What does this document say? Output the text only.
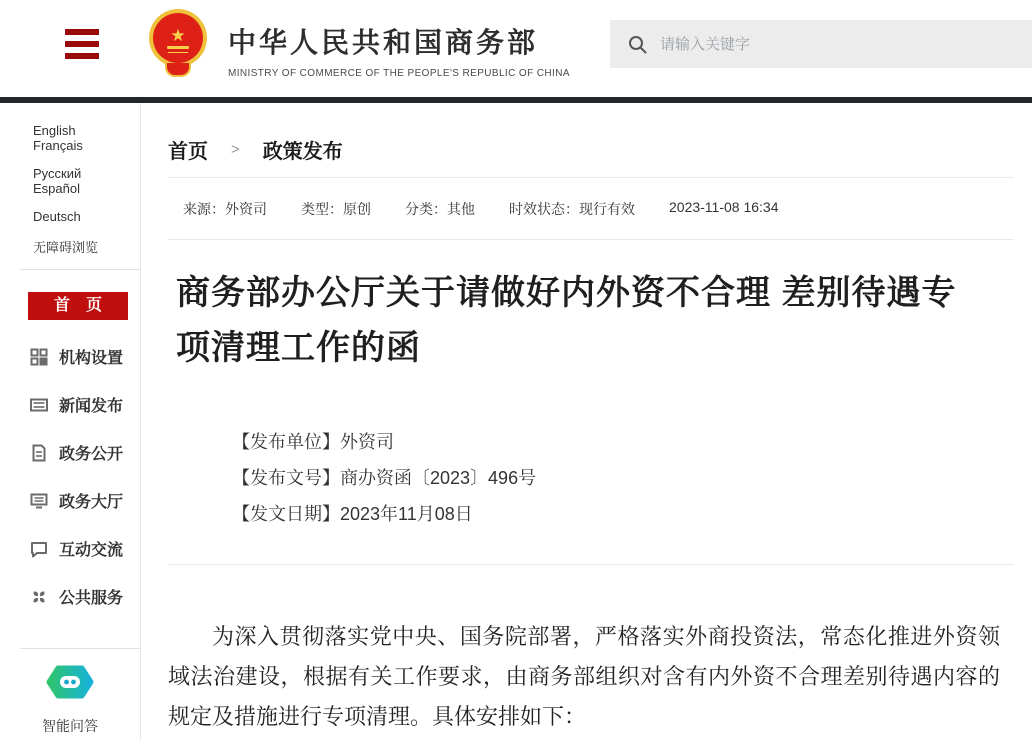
★ 中华人民共和国商务部
MINISTRY OF COMMERCE OF THE PEOPLE'S REPUBLIC OF CHINA
请输入关键字
English Français
Русский Español
Deutsch
无障碍浏览
首　页
机构设置
新闻发布
政务公开
政务大厅
互动交流
公共服务
智能问答
首页 > 政策发布
来源：外资司 类型：原创 分类：其他 时效状态：现行有效 2023-11-08 16:34
商务部办公厅关于请做好内外资不合理 差别待遇专项清理工作的函
【发布单位】外资司
【发布文号】商办资函〔2023〕496号
【发文日期】2023年11月08日

为深入贯彻落实党中央、国务院部署，严格落实外商投资法，常态化推进外资领域法治建设，根据有关工作要求，由商务部组织对含有内外资不合理差别待遇内容的规定及措施进行专项清理。具体安排如下：
